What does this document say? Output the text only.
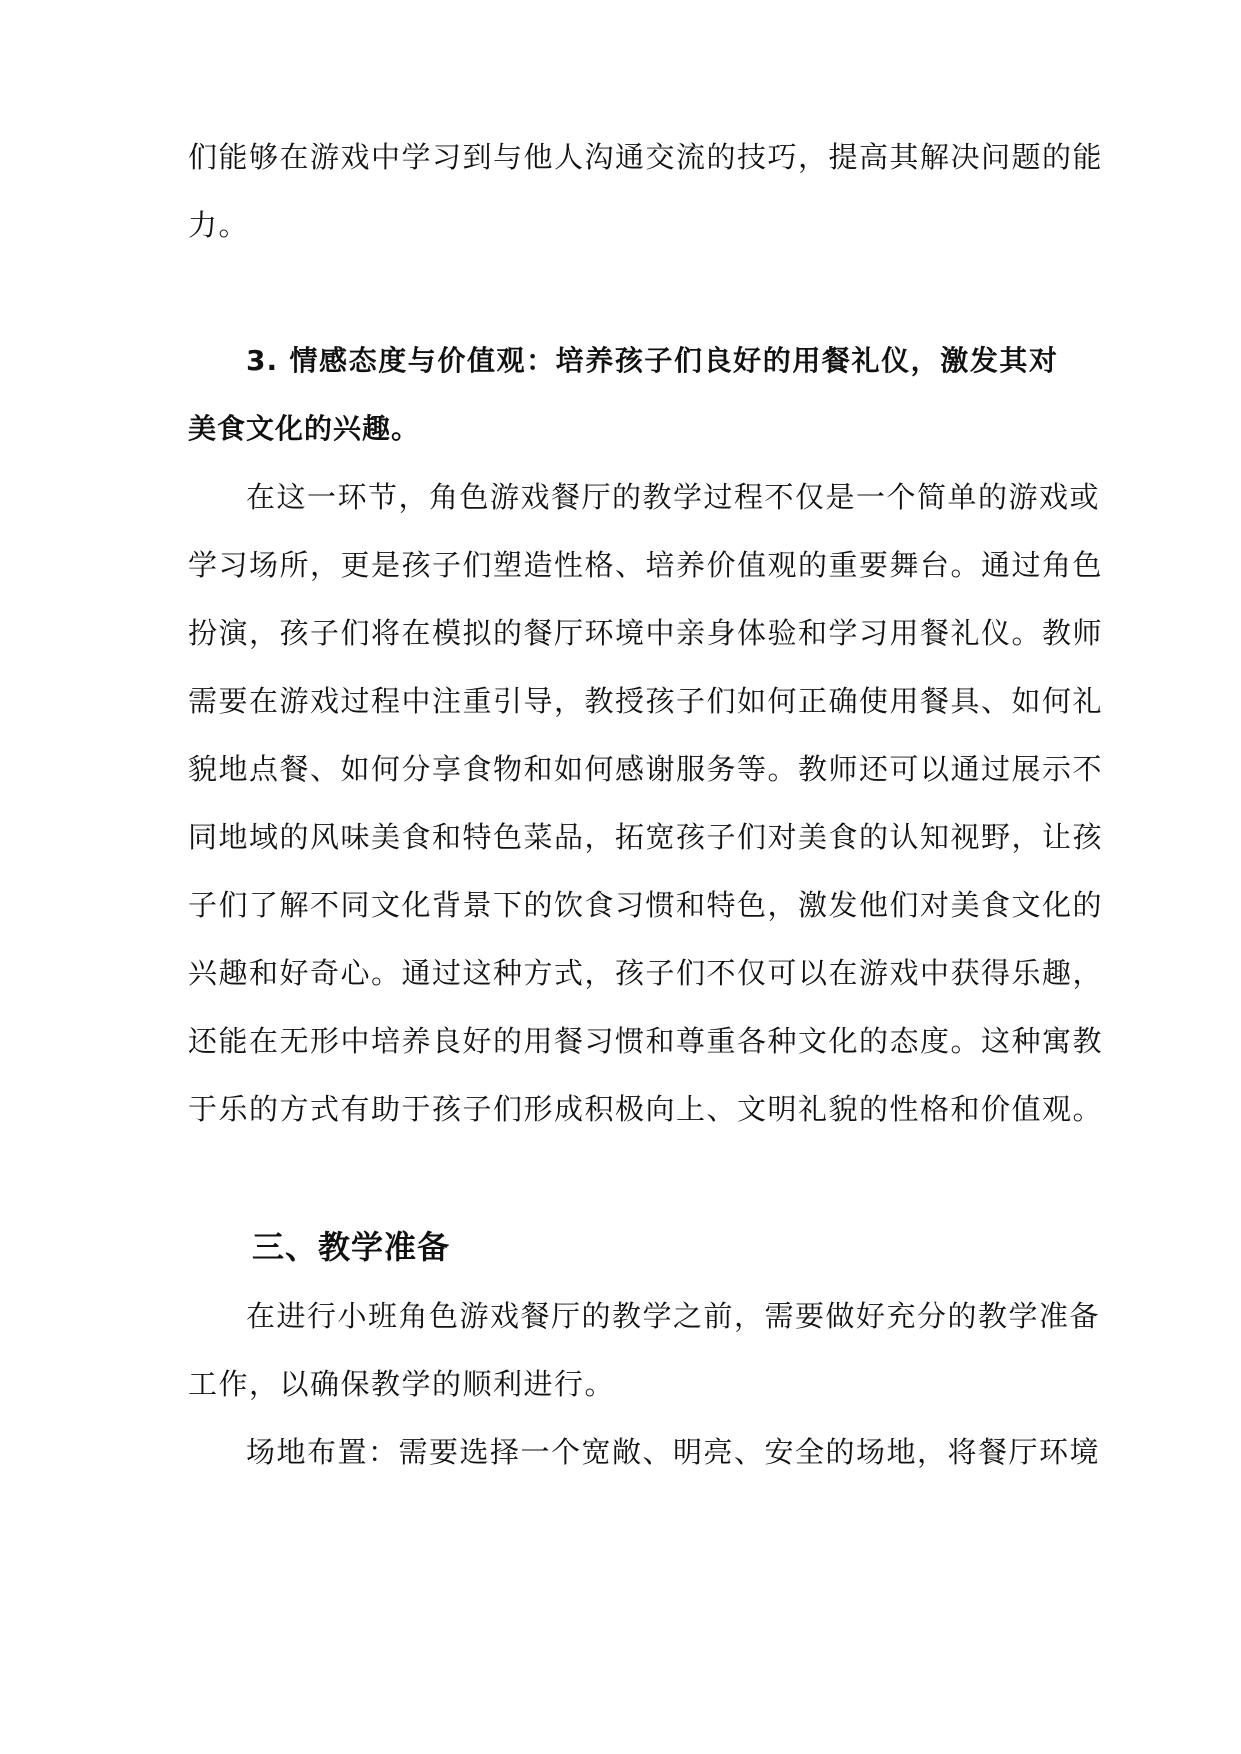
们能够在游戏中学习到与他人沟通交流的技巧，提高其解决问题的能
力。
3. 情感态度与价值观：培养孩子们良好的用餐礼仪，激发其对
美食文化的兴趣。
在这一环节，角色游戏餐厅的教学过程不仅是一个简单的游戏或
学习场所，更是孩子们塑造性格、培养价值观的重要舞台。通过角色
扮演，孩子们将在模拟的餐厅环境中亲身体验和学习用餐礼仪。教师
需要在游戏过程中注重引导，教授孩子们如何正确使用餐具、如何礼
貌地点餐、如何分享食物和如何感谢服务等。教师还可以通过展示不
同地域的风味美食和特色菜品，拓宽孩子们对美食的认知视野，让孩
子们了解不同文化背景下的饮食习惯和特色，激发他们对美食文化的
兴趣和好奇心。通过这种方式，孩子们不仅可以在游戏中获得乐趣，
还能在无形中培养良好的用餐习惯和尊重各种文化的态度。这种寓教
于乐的方式有助于孩子们形成积极向上、文明礼貌的性格和价值观。
三、教学准备
在进行小班角色游戏餐厅的教学之前，需要做好充分的教学准备
工作，以确保教学的顺利进行。
场地布置：需要选择一个宽敞、明亮、安全的场地，将餐厅环境
